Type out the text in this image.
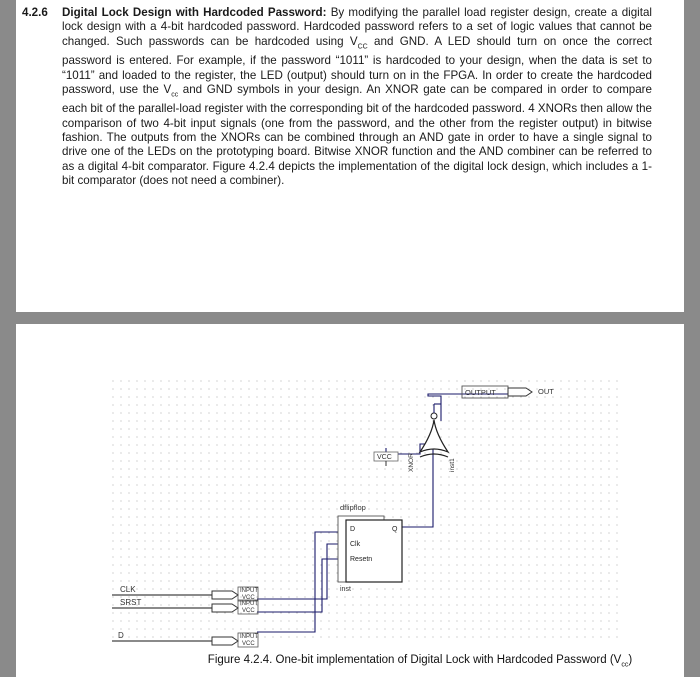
4.2.6 Digital Lock Design with Hardcoded Password: By modifying the parallel load register design, create a digital lock design with a 4-bit hardcoded password. Hardcoded password refers to a set of logic values that cannot be changed. Such passwords can be hardcoded using $V_{CC}$ and GND. A LED should turn on once the correct password is entered. For example, if the password “1011” is hardcoded to your design, when the data is set to “1011” and loaded to the register, the LED (output) should turn on in the FPGA. In order to create the hardcoded password, use the $V_{cc}$ and GND symbols in your design. An XNOR gate can be compared in order to compare each bit of the parallel-load register with the corresponding bit of the hardcoded password. 4 XNORs then allow the comparison of two 4-bit input signals (one from the password, and the other from the register output) in bitwise fashion. The outputs from the XNORs can be combined through an AND gate in order to have a single signal to drive one of the LEDs on the prototyping board. Bitwise XNOR function and the AND combiner can be referred to as a digital 4-bit comparator. Figure 4.2.4 depicts the implementation of the digital lock design, which includes a 1-bit comparator (does not need a combiner).

OUTPUT	OUT
VCC XNOR	inst1
dflipflop
D
Clk
Resetn
Q
inst
CLK	INPUT
VCC
SRST	INPUT
VCC
D	INPUT
VCC
Figure 4.2.4. One-bit implementation of Digital Lock with Hardcoded Password $(V_{cc})$
